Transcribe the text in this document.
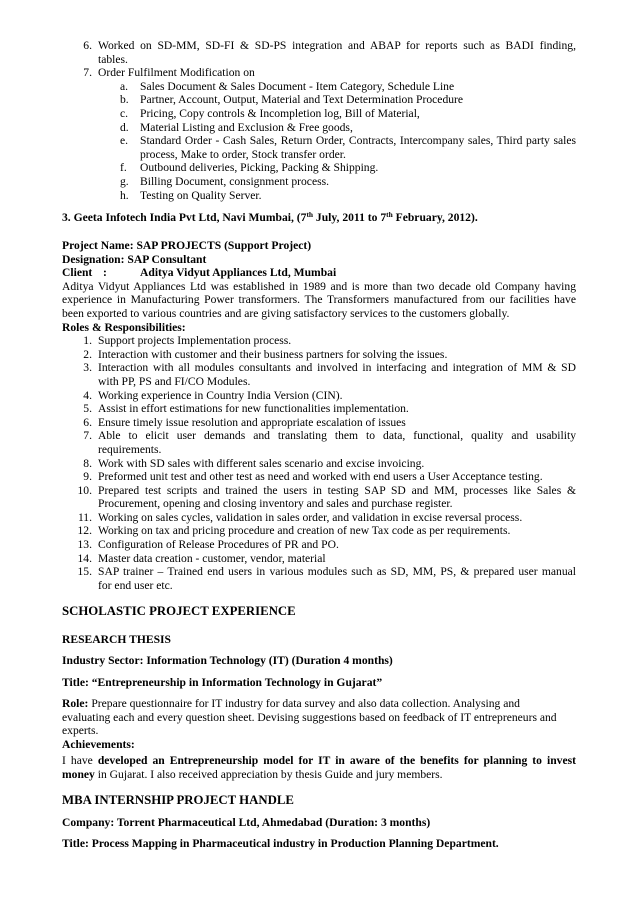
6. Worked on SD-MM, SD-FI & SD-PS integration and ABAP for reports such as BADI finding,
tables.
7. Order Fulfilment Modification on
a. Sales Document & Sales Document - Item Category, Schedule Line
b. Partner, Account, Output, Material and Text Determination Procedure
c. Pricing, Copy controls & Incompletion log, Bill of Material,
d. Material Listing and Exclusion & Free goods,
e. Standard Order - Cash Sales, Return Order, Contracts, Intercompany sales, Third party sales
process, Make to order, Stock transfer order.
f. Outbound deliveries, Picking, Packing & Shipping.
g. Billing Document, consignment process.
h. Testing on Quality Server.
3. Geeta Infotech India Pvt Ltd, Navi Mumbai, (7th July, 2011 to 7th February, 2012).
Project Name: SAP PROJECTS (Support Project)
Designation: SAP Consultant
Client :	Aditya Vidyut Appliances Ltd, Mumbai
Aditya Vidyut Appliances Ltd was established in 1989 and is more than two decade old Company having
experience in Manufacturing Power transformers. The Transformers manufactured from our facilities have
been exported to various countries and are giving satisfactory services to the customers globally.
Roles & Responsibilities:
1. Support projects Implementation process.
2. Interaction with customer and their business partners for solving the issues.
3. Interaction with all modules consultants and involved in interfacing and integration of MM & SD
with PP, PS and FI/CO Modules.
4. Working experience in Country India Version (CIN).
5. Assist in effort estimations for new functionalities implementation.
6. Ensure timely issue resolution and appropriate escalation of issues
7. Able to elicit user demands and translating them to data, functional, quality and usability
requirements.
8. Work with SD sales with different sales scenario and excise invoicing.
9. Preformed unit test and other test as need and worked with end users a User Acceptance testing.
10. Prepared test scripts and trained the users in testing SAP SD and MM, processes like Sales &
Procurement, opening and closing inventory and sales and purchase register.
11. Working on sales cycles, validation in sales order, and validation in excise reversal process.
12. Working on tax and pricing procedure and creation of new Tax code as per requirements.
13. Configuration of Release Procedures of PR and PO.
14. Master data creation - customer, vendor, material
15. SAP trainer – Trained end users in various modules such as SD, MM, PS, & prepared user manual
for end user etc.
SCHOLASTIC PROJECT EXPERIENCE
RESEARCH THESIS
Industry Sector: Information Technology (IT) (Duration 4 months)
Title: “Entrepreneurship in Information Technology in Gujarat”
Role: Prepare questionnaire for IT industry for data survey and also data collection. Analysing and
evaluating each and every question sheet. Devising suggestions based on feedback of IT entrepreneurs and
experts.
Achievements:
I have developed an Entrepreneurship model for IT in aware of the benefits for planning to invest
money in Gujarat. I also received appreciation by thesis Guide and jury members.
MBA INTERNSHIP PROJECT HANDLE
Company: Torrent Pharmaceutical Ltd, Ahmedabad (Duration: 3 months)
Title: Process Mapping in Pharmaceutical industry in Production Planning Department.
